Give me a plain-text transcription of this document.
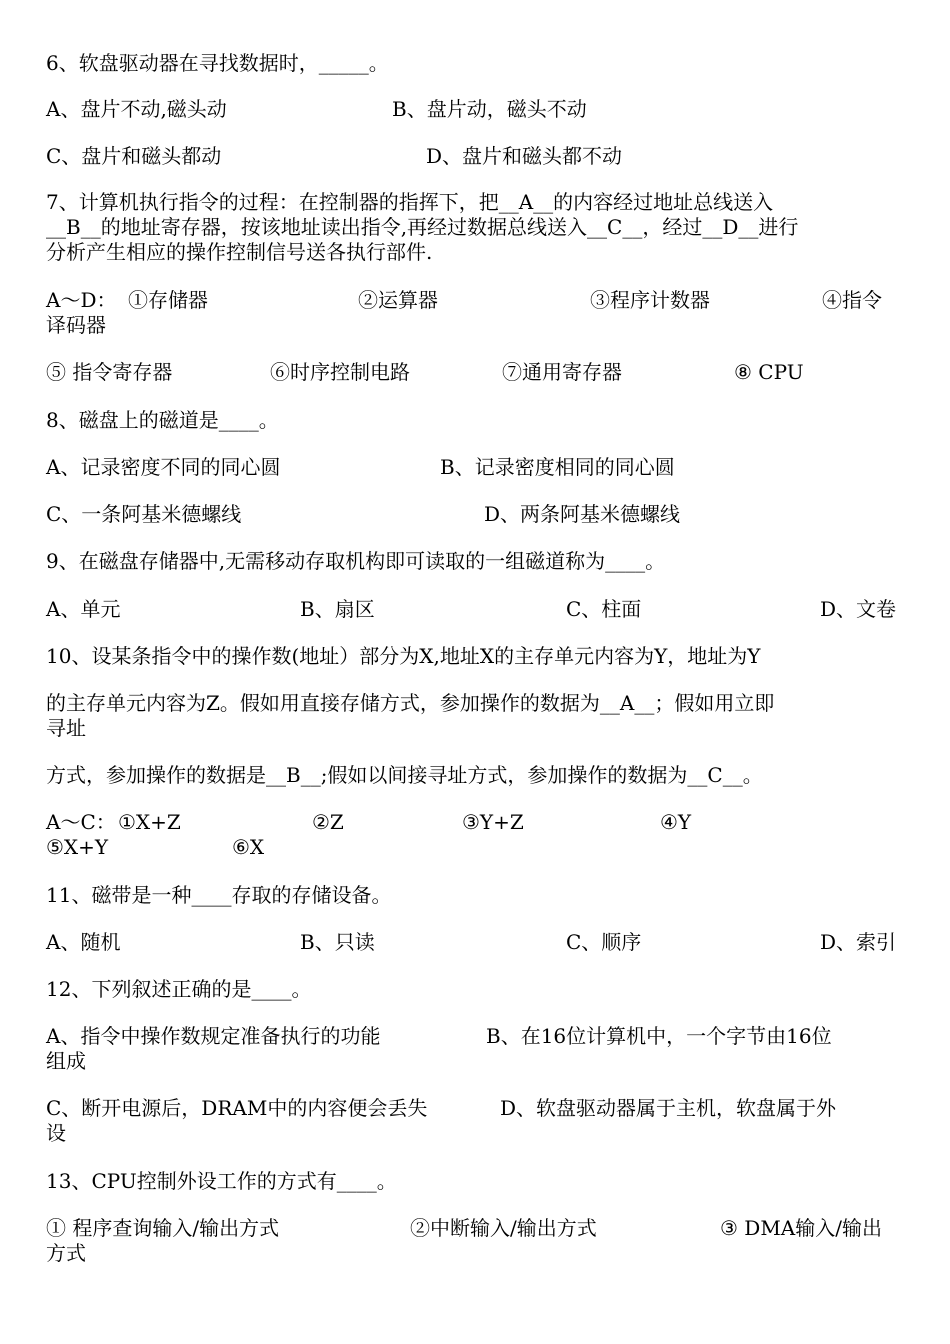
6、软盘驱动器在寻找数据时，_____。
A、盘片不动,磁头动	B、盘片动，磁头不动
C、盘片和磁头都动	D、盘片和磁头都不动
7、计算机执行指令的过程：在控制器的指挥下，把__A__的内容经过地址总线送入
__B__的地址寄存器，按该地址读出指令,再经过数据总线送入__C__，经过__D__进行
分析产生相应的操作控制信号送各执行部件.
A～D： ①存储器	②运算器	③程序计数器	④指令
译码器
⑤ 指令寄存器	⑥时序控制电路	⑦通用寄存器	⑧ CPU
8、磁盘上的磁道是____。
A、记录密度不同的同心圆	B、记录密度相同的同心圆
C、一条阿基米德螺线	D、两条阿基米德螺线
9、在磁盘存储器中,无需移动存取机构即可读取的一组磁道称为____。
A、单元	B、扇区	C、柱面	D、文卷
10、设某条指令中的操作数(地址）部分为X,地址X的主存单元内容为Y，地址为Y
的主存单元内容为Z。假如用直接存储方式，参加操作的数据为__A__；假如用立即
寻址
方式，参加操作的数据是__B__;假如以间接寻址方式，参加操作的数据为__C__。
A～C： ①X+Z	②Z	③Y+Z	④Y
⑤X+Y	⑥X
11、磁带是一种____存取的存储设备。
A、随机	B、只读	C、顺序	D、索引
12、下列叙述正确的是____。
A、指令中操作数规定准备执行的功能	B、在16位计算机中，一个字节由16位
组成
C、断开电源后，DRAM中的内容便会丢失	D、软盘驱动器属于主机，软盘属于外
设
13、CPU控制外设工作的方式有____。
① 程序查询输入/输出方式	②中断输入/输出方式	③ DMA输入/输出
方式
